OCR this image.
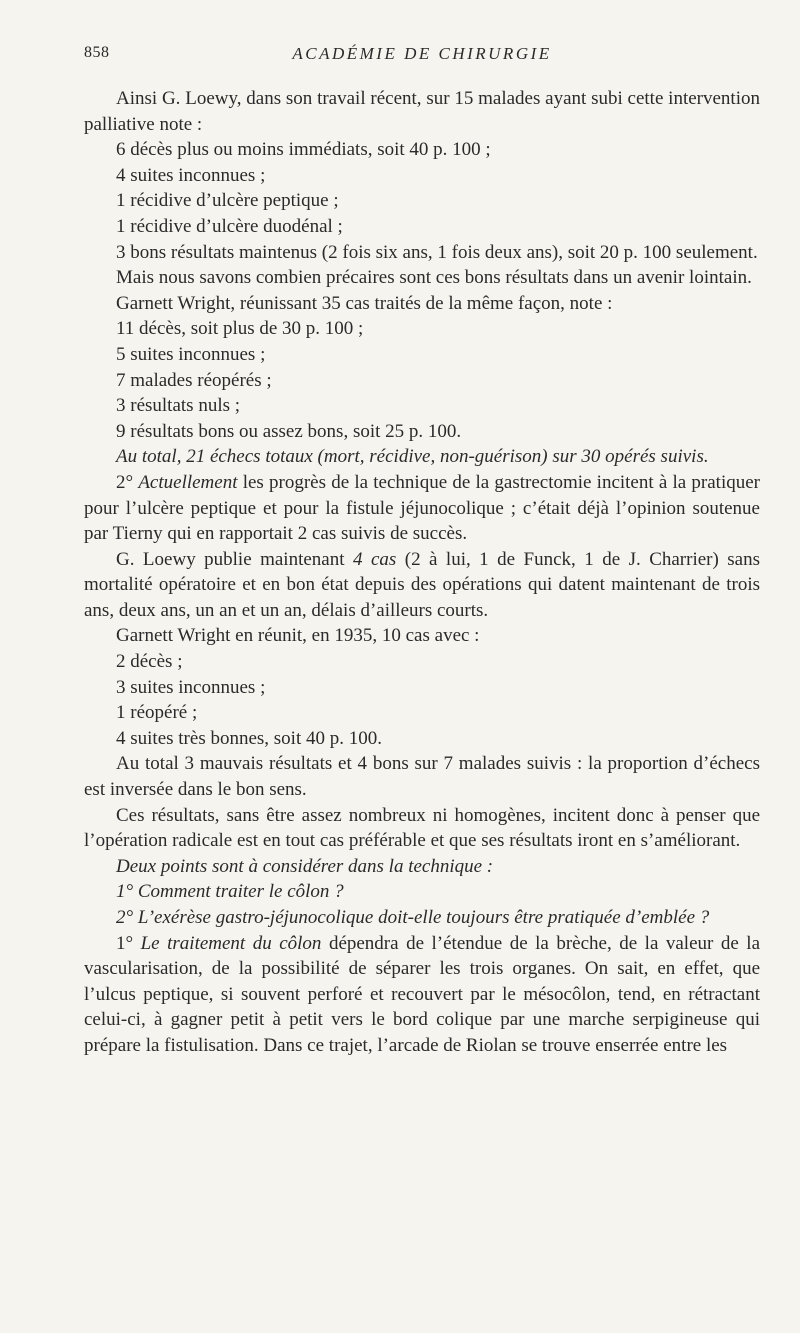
858	ACADÉMIE DE CHIRURGIE

Ainsi G. Loewy, dans son travail récent, sur 15 malades ayant subi cette intervention palliative note :

6 décès plus ou moins immédiats, soit 40 p. 100 ;

4 suites inconnues ;

1 récidive d’ulcère peptique ;

1 récidive d’ulcère duodénal ;

3 bons résultats maintenus (2 fois six ans, 1 fois deux ans), soit 20 p. 100 seulement.

Mais nous savons combien précaires sont ces bons résultats dans un avenir lointain.

Garnett Wright, réunissant 35 cas traités de la même façon, note :

11 décès, soit plus de 30 p. 100 ;

5 suites inconnues ;

7 malades réopérés ;

3 résultats nuls ;

9 résultats bons ou assez bons, soit 25 p. 100.

Au total, 21 échecs totaux (mort, récidive, non-guérison) sur 30 opérés suivis.

2° Actuellement les progrès de la technique de la gastrectomie incitent à la pratiquer pour l’ulcère peptique et pour la fistule jéjunocolique ; c’était déjà l’opinion soutenue par Tierny qui en rapportait 2 cas suivis de succès.

G. Loewy publie maintenant 4 cas (2 à lui, 1 de Funck, 1 de J. Charrier) sans mortalité opératoire et en bon état depuis des opérations qui datent maintenant de trois ans, deux ans, un an et un an, délais d’ailleurs courts.

Garnett Wright en réunit, en 1935, 10 cas avec :

2 décès ;

3 suites inconnues ;

1 réopéré ;

4 suites très bonnes, soit 40 p. 100.

Au total 3 mauvais résultats et 4 bons sur 7 malades suivis : la proportion d’échecs est inversée dans le bon sens.

Ces résultats, sans être assez nombreux ni homogènes, incitent donc à penser que l’opération radicale est en tout cas préférable et que ses résultats iront en s’améliorant.

Deux points sont à considérer dans la technique :

1° Comment traiter le côlon ?

2° L’exérèse gastro-jéjunocolique doit-elle toujours être pratiquée d’emblée ?

1° Le traitement du côlon dépendra de l’étendue de la brèche, de la valeur de la vascularisation, de la possibilité de séparer les trois organes. On sait, en effet, que l’ulcus peptique, si souvent perforé et recouvert par le mésocôlon, tend, en rétractant celui-ci, à gagner petit à petit vers le bord colique par une marche serpigineuse qui prépare la fistulisation. Dans ce trajet, l’arcade de Riolan se trouve enserrée entre les
